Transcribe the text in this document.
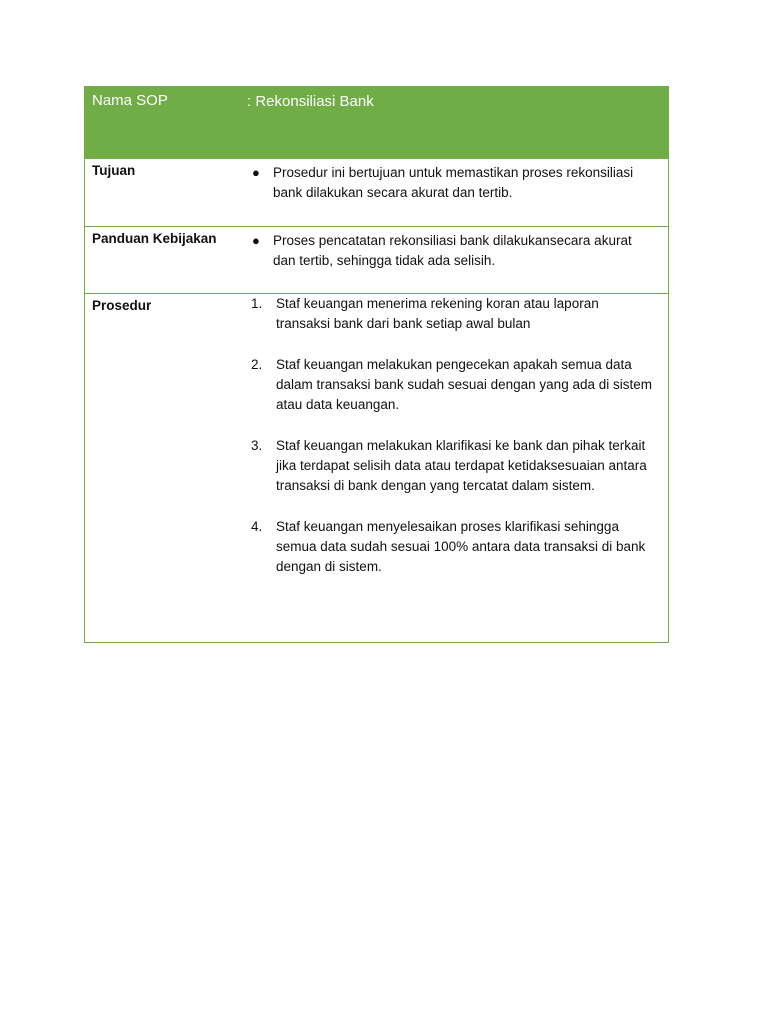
Nama SOP	: Rekonsiliasi Bank
Tujuan	● Prosedur ini bertujuan untuk memastikan proses rekonsiliasi bank dilakukan secara akurat dan tertib.
Panduan Kebijakan	● Proses pencatatan rekonsiliasi bank dilakukansecara akurat dan tertib, sehingga tidak ada selisih.
Prosedur	1.	Staf keuangan menerima rekening koran atau laporan transaksi bank dari bank setiap awal bulan
2.	Staf keuangan melakukan pengecekan apakah semua data dalam transaksi bank sudah sesuai dengan yang ada di sistem atau data keuangan.
3.	Staf keuangan melakukan klarifikasi ke bank dan pihak terkait jika terdapat selisih data atau terdapat ketidaksesuaian antara transaksi di bank dengan yang tercatat dalam sistem.
4.	Staf keuangan menyelesaikan proses klarifikasi sehingga semua data sudah sesuai 100% antara data transaksi di bank dengan di sistem.
